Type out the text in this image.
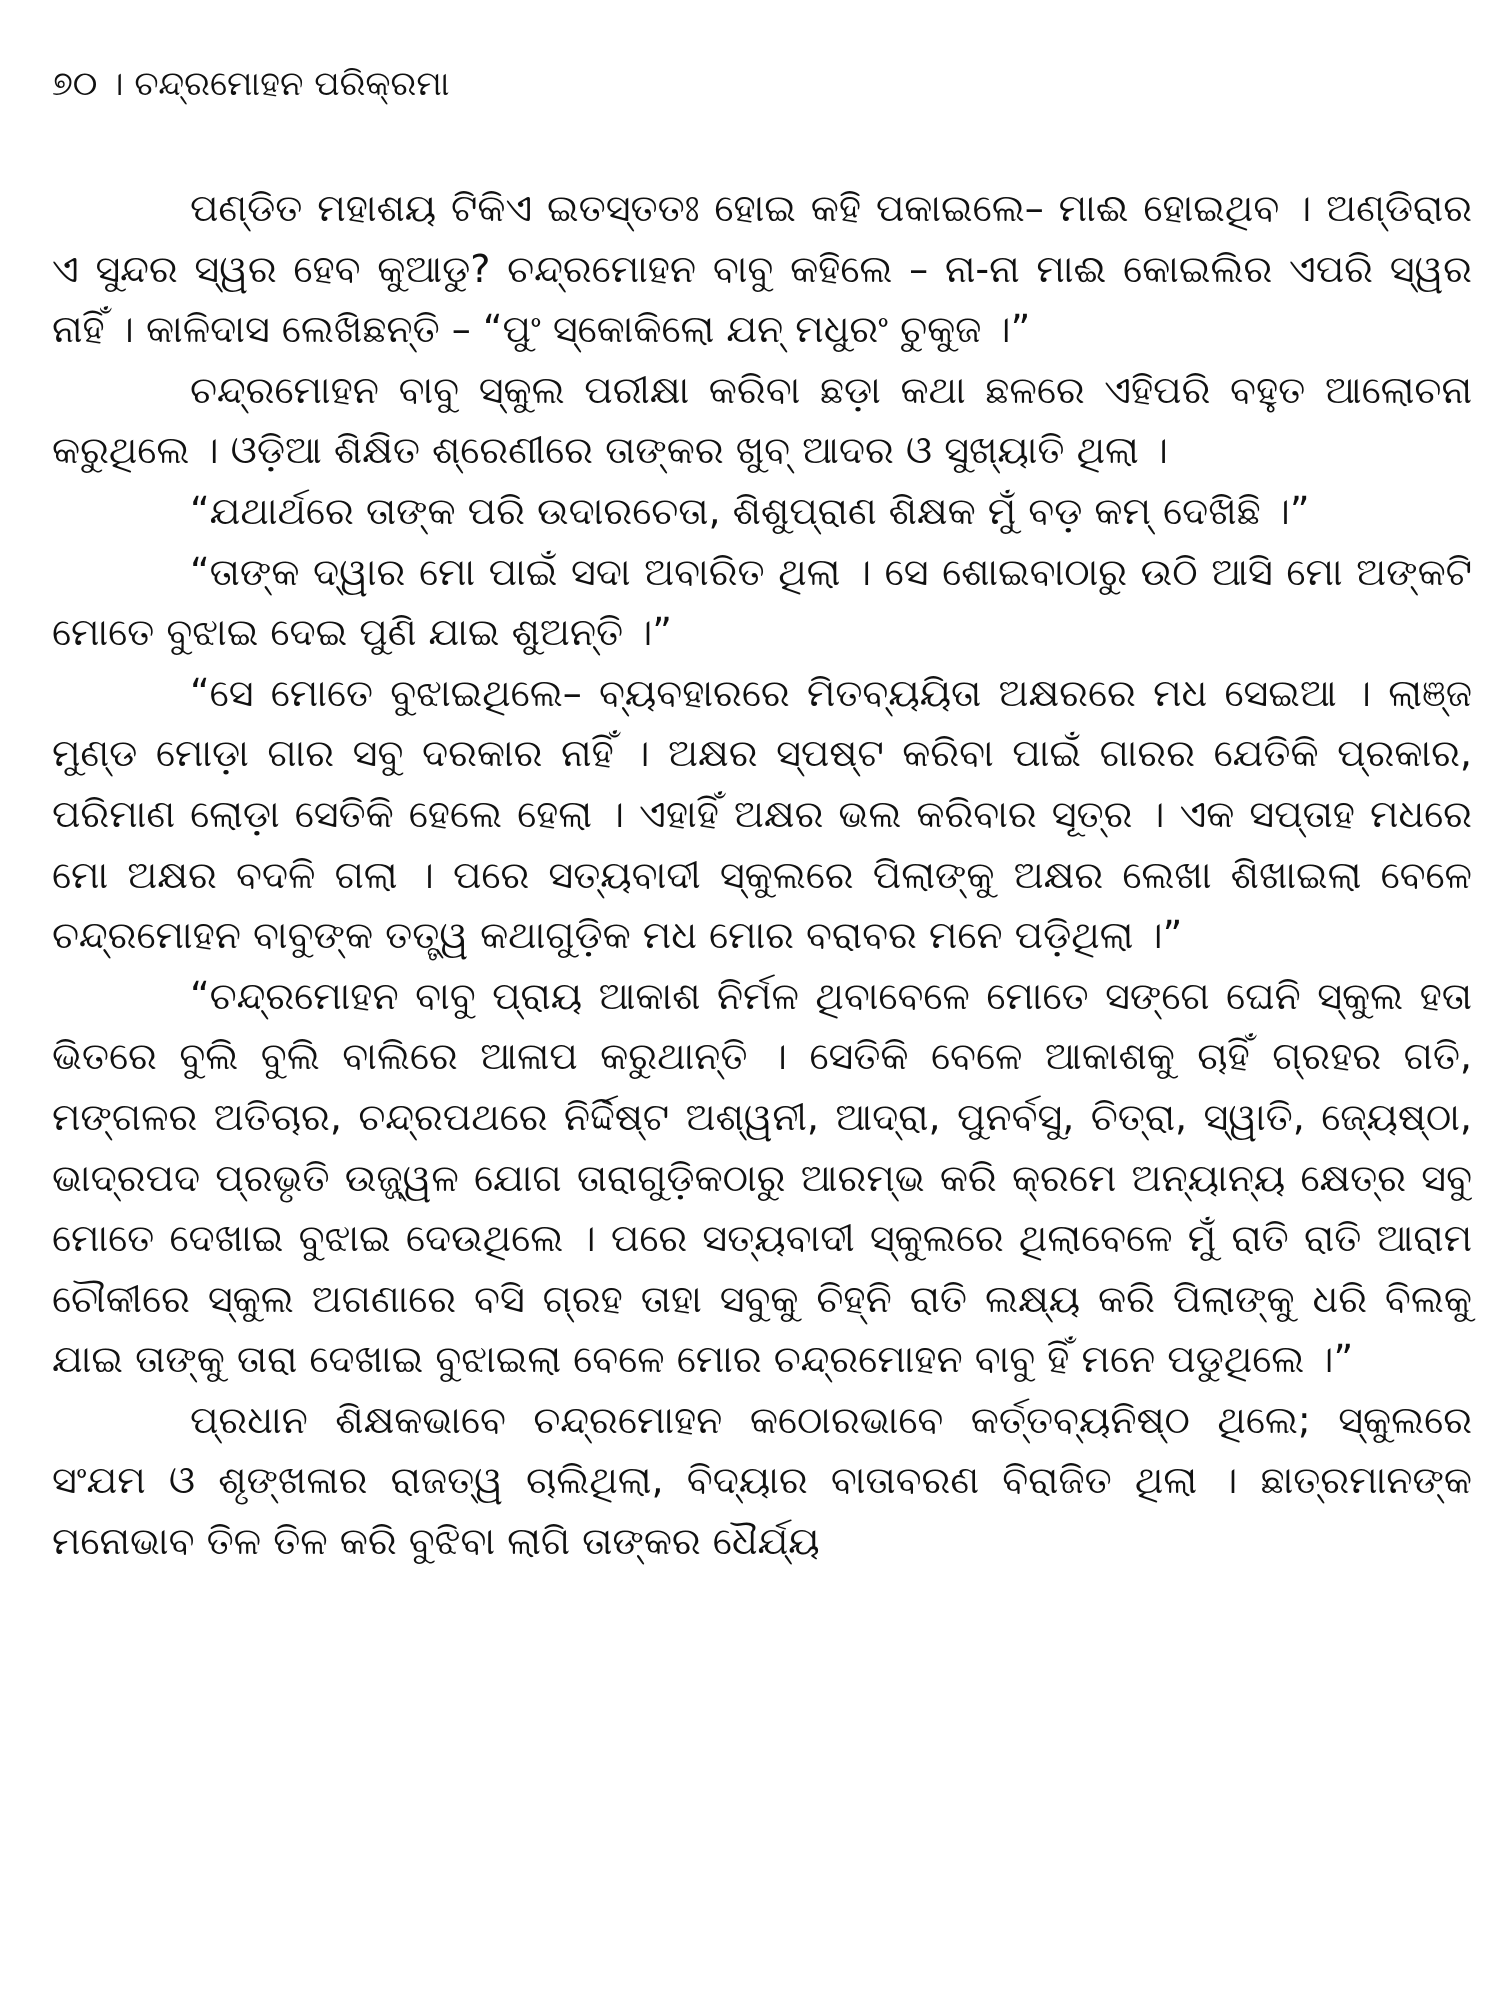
୭୦ । ଚନ୍ଦ୍ରମୋହନ ପରିକ୍ରମା

ପଣ୍ଡିତ ମହାଶୟ ଟିକିଏ ଇତସ୍ତତଃ ହୋଇ କହି ପକାଇଲେ– ମାଈ ହୋଇଥିବ । ଅଣ୍ଡିରାର ଏ ସୁନ୍ଦର ସ୍ୱର ହେବ କୁଆଡୁ? ଚନ୍ଦ୍ରମୋହନ ବାବୁ କହିଲେ – ନା-ନା ମାଈ କୋଇଲିର ଏପରି ସ୍ୱର ନାହିଁ । କାଳିଦାସ ଲେଖିଛନ୍ତି – “ପୁଂ ସ୍କୋକିଲୋ ଯନ୍ ମଧୁରଂ ଚୁକୁଜ ।”

ଚନ୍ଦ୍ରମୋହନ ବାବୁ ସ୍କୁଲ ପରୀକ୍ଷା କରିବା ଛଡ଼ା କଥା ଛଳରେ ଏହିପରି ବହୁତ ଆଲୋଚନା କରୁଥିଲେ । ଓଡ଼ିଆ ଶିକ୍ଷିତ ଶ୍ରେଣୀରେ ତାଙ୍କର ଖୁବ୍ ଆଦର ଓ ସୁଖ୍ୟାତି ଥିଲା ।

“ଯଥାର୍ଥରେ ତାଙ୍କ ପରି ଉଦାରଚେତା, ଶିଶୁପ୍ରାଣ ଶିକ୍ଷକ ମୁଁ ବଡ଼ କମ୍ ଦେଖିଛି ।”

“ତାଙ୍କ ଦ୍ୱାର ମୋ ପାଇଁ ସଦା ଅବାରିତ ଥିଲା । ସେ ଶୋଇବାଠାରୁ ଉଠି ଆସି ମୋ ଅଙ୍କଟି ମୋତେ ବୁଝାଇ ଦେଇ ପୁଣି ଯାଇ ଶୁଅନ୍ତି ।”

“ସେ ମୋତେ ବୁଝାଇଥିଲେ– ବ୍ୟବହାରରେ ମିତବ୍ୟୟିତା ଅକ୍ଷରରେ ମଧ ସେଇଆ । ଲାଞ୍ଜ ମୁଣ୍ଡ ମୋଡ଼ା ଗାର ସବୁ ଦରକାର ନାହିଁ । ଅକ୍ଷର ସ୍ପଷ୍ଟ କରିବା ପାଇଁ ଗାରର ଯେତିକି ପ୍ରକାର, ପରିମାଣ ଲୋଡ଼ା ସେତିକି ହେଲେ ହେଲା । ଏହାହିଁ ଅକ୍ଷର ଭଲ କରିବାର ସୂତ୍ର । ଏକ ସପ୍ତାହ ମଧରେ ମୋ ଅକ୍ଷର ବଦଳି ଗଲା । ପରେ ସତ୍ୟବାଦୀ ସ୍କୁଲରେ ପିଲାଙ୍କୁ ଅକ୍ଷର ଲେଖା ଶିଖାଇଲା ବେଳେ ଚନ୍ଦ୍ରମୋହନ ବାବୁଙ୍କ ତତ୍ତ୍ୱ କଥାଗୁଡ଼ିକ ମଧ ମୋର ବରାବର ମନେ ପଡ଼ିଥିଲା ।”

“ଚନ୍ଦ୍ରମୋହନ ବାବୁ ପ୍ରାୟ ଆକାଶ ନିର୍ମଳ ଥିବାବେଳେ ମୋତେ ସଙ୍ଗେ ଘେନି ସ୍କୁଲ ହତା ଭିତରେ ବୁଲି ବୁଲି ବାଲିରେ ଆଳାପ କରୁଥାନ୍ତି । ସେତିକି ବେଳେ ଆକାଶକୁ ଚାହିଁ ଗ୍ରହର ଗତି, ମଙ୍ଗଳର ଅତିଚାର, ଚନ୍ଦ୍ରପଥରେ ନିର୍ଦ୍ଦିଷ୍ଟ ଅଶ୍ୱନୀ, ଆଦ୍ରା, ପୁନର୍ବସୁ, ଚିତ୍ରା, ସ୍ୱାତି, ଜ୍ୟେଷ୍ଠା, ଭାଦ୍ରପଦ ପ୍ରଭୃତି ଉଜ୍ଜ୍ୱଳ ଯୋଗ ତାରାଗୁଡ଼ିକଠାରୁ ଆରମ୍ଭ କରି କ୍ରମେ ଅନ୍ୟାନ୍ୟ କ୍ଷେତ୍ର ସବୁ ମୋତେ ଦେଖାଇ ବୁଝାଇ ଦେଉଥିଲେ । ପରେ ସତ୍ୟବାଦୀ ସ୍କୁଲରେ ଥିଲାବେଳେ ମୁଁ ରାତି ରାତି ଆରାମ ଚୌକୀରେ ସ୍କୁଲ ଅଗଣାରେ ବସି ଗ୍ରହ ତାହା ସବୁକୁ ଚିହ୍ନି ରାତି ଲକ୍ଷ୍ୟ କରି ପିଲାଙ୍କୁ ଧରି ବିଲକୁ ଯାଇ ତାଙ୍କୁ ତାରା ଦେଖାଇ ବୁଝାଇଲା ବେଳେ ମୋର ଚନ୍ଦ୍ରମୋହନ ବାବୁ ହିଁ ମନେ ପଡୁଥିଲେ ।”

ପ୍ରଧାନ ଶିକ୍ଷକଭାବେ ଚନ୍ଦ୍ରମୋହନ କଠୋରଭାବେ କର୍ତ୍ତବ୍ୟନିଷ୍ଠ ଥିଲେ; ସ୍କୁଲରେ ସଂଯମ ଓ ଶୃଙ୍ଖଳାର ରାଜତ୍ୱ ଚାଲିଥିଲା, ବିଦ୍ୟାର ବାତାବରଣ ବିରାଜିତ ଥିଲା । ଛାତ୍ରମାନଙ୍କ ମନୋଭାବ ତିଳ ତିଳ କରି ବୁଝିବା ଲାଗି ତାଙ୍କର ଧୈର୍ଯ୍ୟ
